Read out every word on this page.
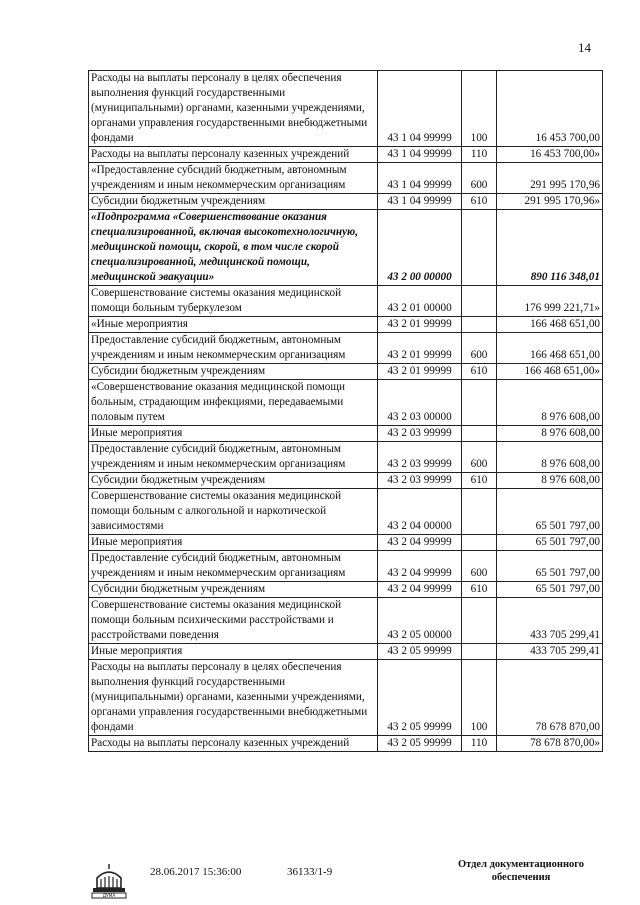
14
Расходы на выплаты персоналу в целях обеспечения выполнения функций государственными (муниципальными) органами, казенными учреждениями, органами управления государственными внебюджетными фондами	43 1 04 99999	100	16 453 700,00
Расходы на выплаты персоналу казенных учреждений	43 1 04 99999	110	16 453 700,00»
«Предоставление субсидий бюджетным, автономным учреждениям и иным некоммерческим организациям	43 1 04 99999	600	291 995 170,96
Субсидии бюджетным учреждениям	43 1 04 99999	610	291 995 170,96»
«Подпрограмма «Совершенствование оказания специализированной, включая высокотехнологичную, медицинской помощи, скорой, в том числе скорой специализированной, медицинской помощи, медицинской эвакуации»	43 2 00 00000		890 116 348,01
Совершенствование системы оказания медицинской помощи больным туберкулезом	43 2 01 00000		176 999 221,71»
«Иные мероприятия	43 2 01 99999		166 468 651,00
Предоставление субсидий бюджетным, автономным учреждениям и иным некоммерческим организациям	43 2 01 99999	600	166 468 651,00
Субсидии бюджетным учреждениям	43 2 01 99999	610	166 468 651,00»
«Совершенствование оказания медицинской помощи больным, страдающим инфекциями, передаваемыми половым путем	43 2 03 00000		8 976 608,00
Иные мероприятия	43 2 03 99999		8 976 608,00
Предоставление субсидий бюджетным, автономным учреждениям и иным некоммерческим организациям	43 2 03 99999	600	8 976 608,00
Субсидии бюджетным учреждениям	43 2 03 99999	610	8 976 608,00
Совершенствование системы оказания медицинской помощи больным с алкогольной и наркотической зависимостями	43 2 04 00000		65 501 797,00
Иные мероприятия	43 2 04 99999		65 501 797,00
Предоставление субсидий бюджетным, автономным учреждениям и иным некоммерческим организациям	43 2 04 99999	600	65 501 797,00
Субсидии бюджетным учреждениям	43 2 04 99999	610	65 501 797,00
Совершенствование системы оказания медицинской помощи больным психическими расстройствами и расстройствами поведения	43 2 05 00000		433 705 299,41
Иные мероприятия	43 2 05 99999		433 705 299,41
Расходы на выплаты персоналу в целях обеспечения выполнения функций государственными (муниципальными) органами, казенными учреждениями, органами управления государственными внебюджетными фондами	43 2 05 99999	100	78 678 870,00
Расходы на выплаты персоналу казенных учреждений	43 2 05 99999	110	78 678 870,00»
ДУМА
28.06.2017 15:36:00	36133/1-9
Отдел документационного
обеспечения
